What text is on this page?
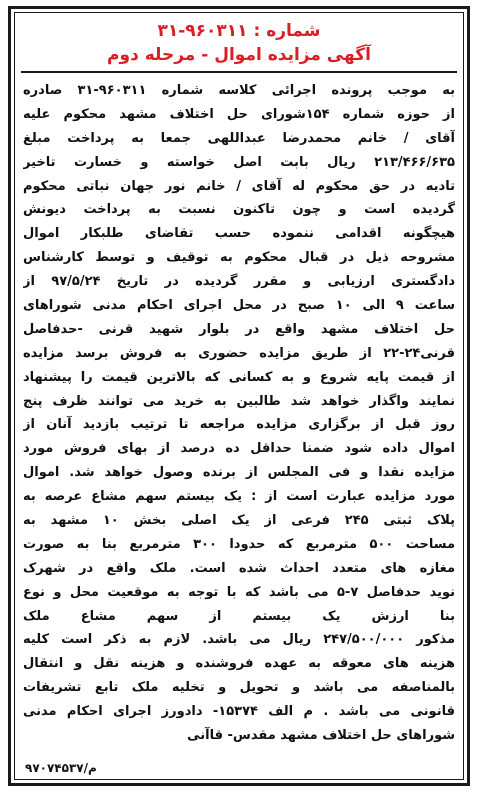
شماره : ۹۶۰۳۱۱-۳۱
آگهی مزایده اموال - مرحله دوم
به موجب پرونده اجرائی کلاسه شماره ۹۶۰۳۱۱-۳۱ صادره
از حوزه شماره ۱۵۴شورای حل اختلاف مشهد محکوم علیه
آقای / خانم محمدرضا عبداللهی جمعا به پرداخت مبلغ
۲۱۳/۴۶۶/۶۳۵ ریال بابت اصل خواسته و خسارت تاخیر
تادیه در حق محکوم له آقای / خانم نور جهان نباتی محکوم
گردیده است و چون تاکنون نسبت به پرداخت دیونش
هیچگونه اقدامی ننموده حسب تقاضای طلبکار اموال
مشروحه ذیل در قبال محکوم به توقیف و توسط کارشناس
دادگستری ارزیابی و مقرر گردیده در تاریخ ۹۷/۵/۲۴ از
ساعت ۹ الی ۱۰ صبح در محل اجرای احکام مدنی شوراهای
حل اختلاف مشهد واقع در بلوار شهید قرنی -حدفاصل
قرنی۲۴-۲۲ از طریق مزایده حضوری به فروش برسد مزایده
از قیمت پایه شروع و به کسانی که بالاترین قیمت را پیشنهاد
نمایند واگذار خواهد شد طالبین به خرید می توانند ظرف پنج
روز قبل از برگزاری مزایده مراجعه تا ترتیب بازدید آنان از
اموال داده شود ضمنا حداقل ده درصد از بهای فروش مورد
مزایده نقدا و فی المجلس از برنده وصول خواهد شد. اموال
مورد مزایده عبارت است از : یک بیستم سهم مشاع عرصه به
پلاک ثبتی ۲۴۵ فرعی از یک اصلی بخش ۱۰ مشهد به
مساحت ۵۰۰ مترمربع که حدودا ۳۰۰ مترمربع بنا به صورت
مغازه های متعدد احداث شده است. ملک واقع در شهرک
نوید حدفاصل ۷-۵ می باشد که با توجه به موقعیت محل و نوع
بنا ارزش یک بیستم از سهم مشاع ملک
مذکور ۲۴۷/۵۰۰/۰۰۰ ریال می باشد. لازم به ذکر است کلیه
هزینه های معوقه به عهده فروشنده و هزینه نقل و انتقال
بالمناصفه می باشد و تحویل و تخلیه ملک تابع تشریفات
قانونی می باشد . م الف ۱۵۳۷۴- دادورز اجرای احکام مدنی
شوراهای حل اختلاف مشهد مقدس- قاآنی
م/۹۷۰۷۴۵۳۷
